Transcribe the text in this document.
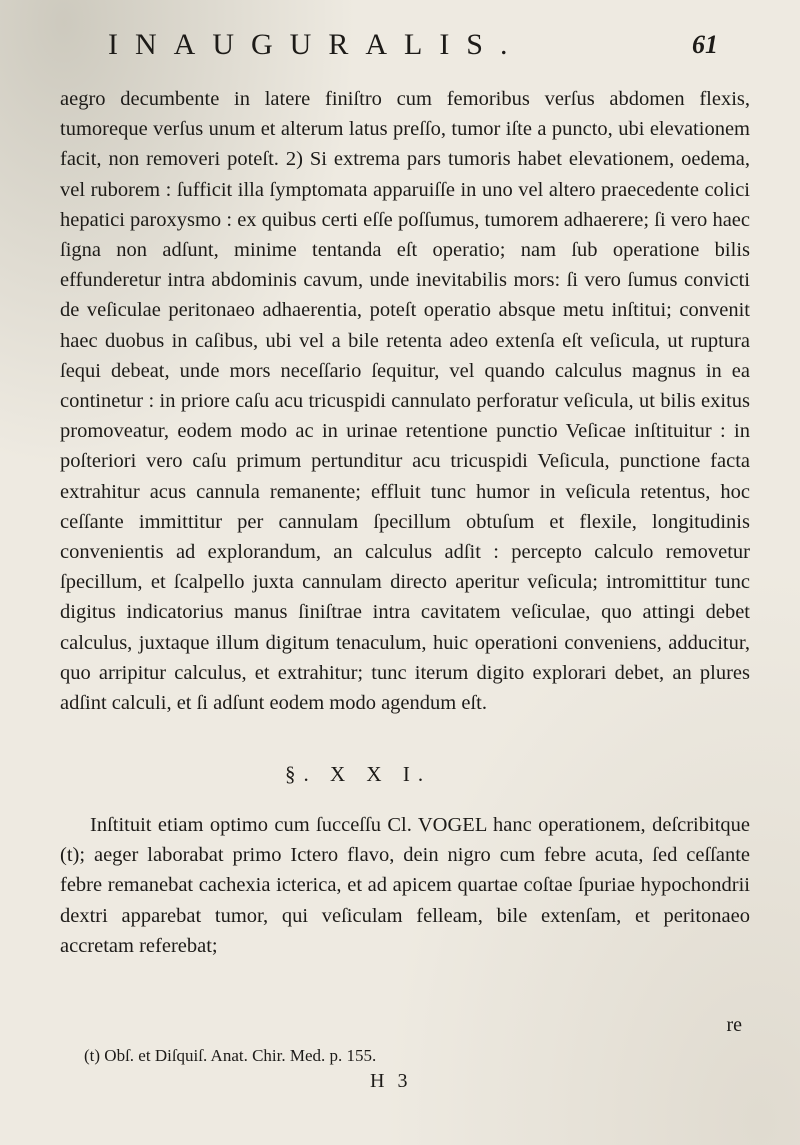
INAUGURALIS.	61

aegro decumbente in latere finiſtro cum femoribus verſus abdomen flexis, tumoreque verſus unum et alterum latus preſſo, tumor iſte a puncto, ubi elevationem facit, non removeri poteſt. 2) Si extrema pars tumoris habet elevationem, oedema, vel ruborem : ſufficit illa ſymptomata apparuiſſe in uno vel altero praecedente colici hepatici paroxysmo : ex quibus certi eſſe poſſumus, tumorem adhaerere; ſi vero haec ſigna non adſunt, minime tentanda eſt operatio; nam ſub operatione bilis effunderetur intra abdominis cavum, unde inevitabilis mors: ſi vero ſumus convicti de veſiculae peritonaeo adhaerentia, poteſt operatio absque metu inſtitui; convenit haec duobus in caſibus, ubi vel a bile retenta adeo extenſa eſt veſicula, ut ruptura ſequi debeat, unde mors neceſſario ſequitur, vel quando calculus magnus in ea continetur : in priore caſu acu tricuspidi cannulato perforatur veſicula, ut bilis exitus promoveatur, eodem modo ac in urinae retentione punctio Veſicae inſtituitur : in poſteriori vero caſu primum pertunditur acu tricuspidi Veſicula, punctione facta extrahitur acus cannula remanente; effluit tunc humor in veſicula retentus, hoc ceſſante immittitur per cannulam ſpecillum obtuſum et flexile, longitudinis convenientis ad explorandum, an calculus adſit : percepto calculo removetur ſpecillum, et ſcalpello juxta cannulam directo aperitur veſicula; intromittitur tunc digitus indicatorius manus ſiniſtrae intra cavitatem veſiculae, quo attingi debet calculus, juxtaque illum digitum tenaculum, huic operationi conveniens, adducitur, quo arripitur calculus, et extrahitur; tunc iterum digito explorari debet, an plures adſint calculi, et ſi adſunt eodem modo agendum eſt.

§. X X I.

Inſtituit etiam optimo cum ſucceſſu Cl. VOGEL hanc operationem, deſcribitque (t); aeger laborabat primo Ictero flavo, dein nigro cum febre acuta, ſed ceſſante febre remanebat cachexia icterica, et ad apicem quartae coſtae ſpuriae hypochondrii dextri apparebat tumor, qui veſiculam felleam, bile extenſam, et peritonaeo accretam referebat;

re
(t) Obſ. et Diſquiſ. Anat. Chir. Med. p. 155.
H 3
